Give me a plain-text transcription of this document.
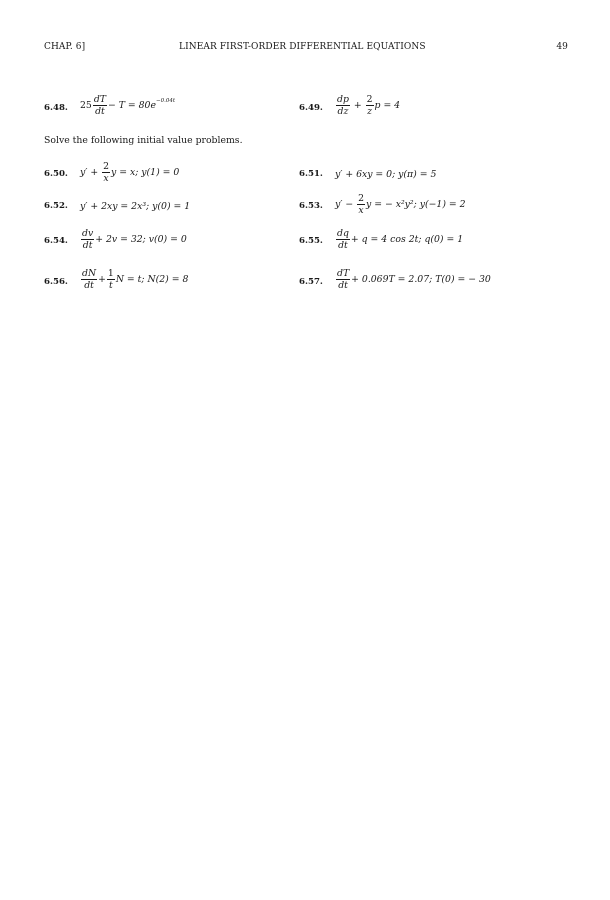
CHAP. 6]	LINEAR FIRST-ORDER DIFFERENTIAL EQUATIONS	49
6.48. $25 \frac{dT}{dt} - T = 80e^{-0.04t}$
6.49. $\frac{dp}{dz} + \frac{2}{z}$ p = 4
Solve the following initial value problems.
6.50. $y' + \frac{2}{x}$ y = x; y(1) = 0	6.51. y′ + 6xy = 0; y(π) = 5
6.52. y′ + 2xy = 2x³; y(0) = 1	6.53. $y' - \frac{2}{x}$ y = − x²y²; y(−1) = 2
6.54. $\frac{dv}{dt} + 2v = 32$; v(0) = 0	6.55. $\frac{dq}{dt} + q = 4$ cos 2t; q(0) = 1
6.56. $\frac{dN}{dt} + \frac{1}{t}$ N = t; N(2) = 8	6.57. $\frac{dT}{dt} + 0.069T = 2.07$; T(0) = − 30
